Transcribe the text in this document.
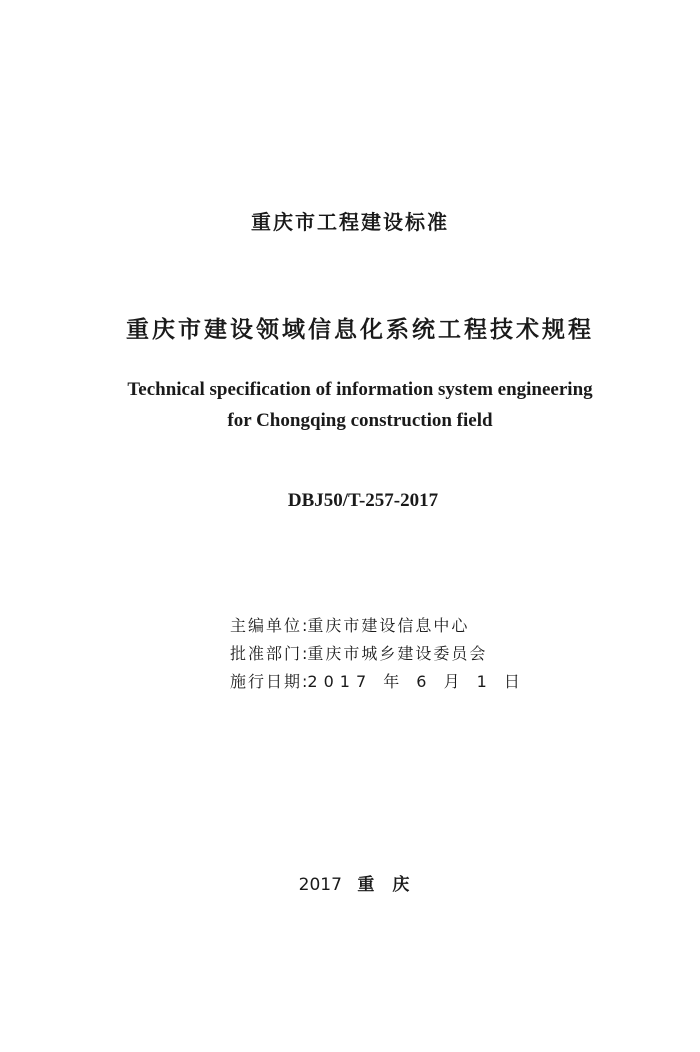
重庆市工程建设标准
重庆市建设领域信息化系统工程技术规程
Technical specification of information system engineering
for Chongqing construction field
DBJ50/T-257-2017
主编单位:重庆市建设信息中心
批准部门:重庆市城乡建设委员会
施行日期:2017 年 6 月 1 日
2017 重庆
